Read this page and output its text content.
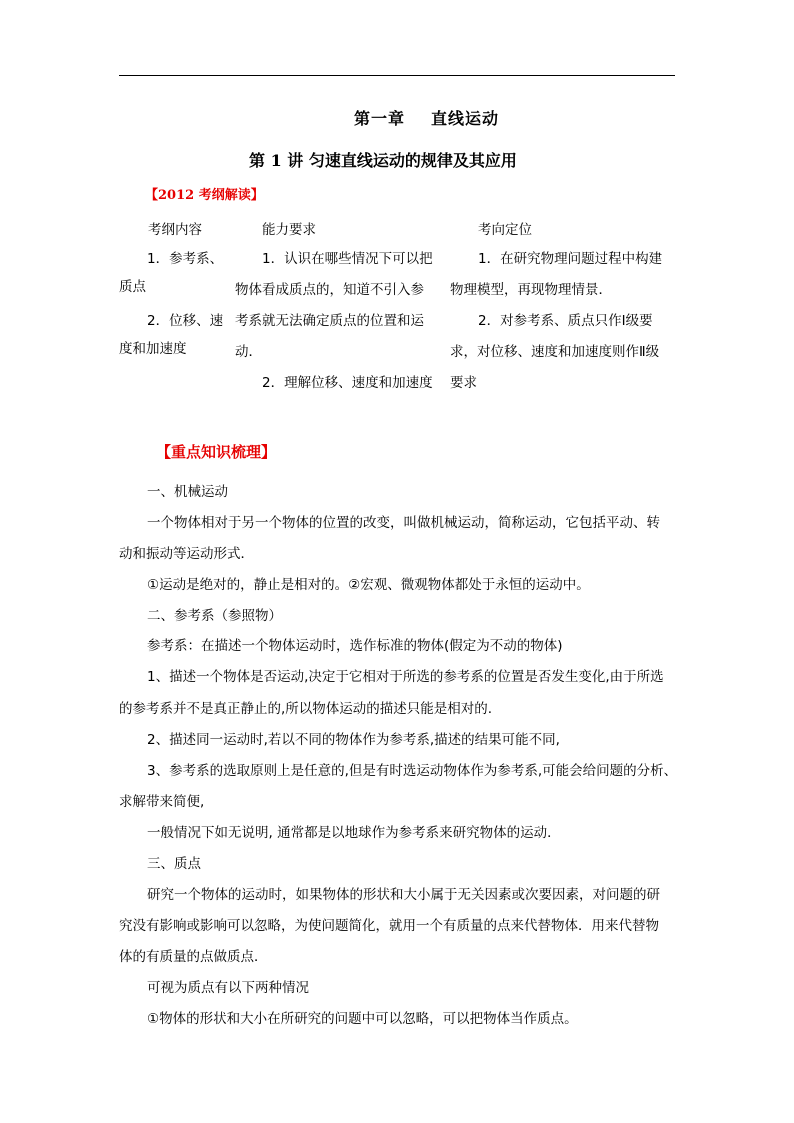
第一章 直线运动
第 1 讲 匀速直线运动的规律及其应用
【2012 考纲解读】
考纲内容	能力要求	考向定位
1．参考系、
质点
2．位移、速
度和加速度
1．认识在哪些情况下可以把
物体看成质点的，知道不引入参
考系就无法确定质点的位置和运
动．
2．理解位移、速度和加速度
1．在研究物理问题过程中构建
物理模型，再现物理情景．
2．对参考系、质点只作Ⅰ级要
求，对位移、速度和加速度则作Ⅱ级
要求
【重点知识梳理】
一、机械运动
一个物体相对于另一个物体的位置的改变，叫做机械运动，简称运动，它包括平动、转
动和振动等运动形式．
①运动是绝对的，静止是相对的。②宏观、微观物体都处于永恒的运动中。
二、参考系（参照物）
参考系：在描述一个物体运动时，选作标准的物体(假定为不动的物体)
1、描述一个物体是否运动,决定于它相对于所选的参考系的位置是否发生变化,由于所选
的参考系并不是真正静止的,所以物体运动的描述只能是相对的.
2、描述同一运动时,若以不同的物体作为参考系,描述的结果可能不同,
3、参考系的选取原则上是任意的,但是有时选运动物体作为参考系,可能会给问题的分析、
求解带来简便,
一般情况下如无说明, 通常都是以地球作为参考系来研究物体的运动．
三、质点
研究一个物体的运动时，如果物体的形状和大小属于无关因素或次要因素，对问题的研
究没有影响或影响可以忽略，为使问题简化，就用一个有质量的点来代替物体．用来代替物
体的有质量的点做质点．
可视为质点有以下两种情况
①物体的形状和大小在所研究的问题中可以忽略，可以把物体当作质点。
